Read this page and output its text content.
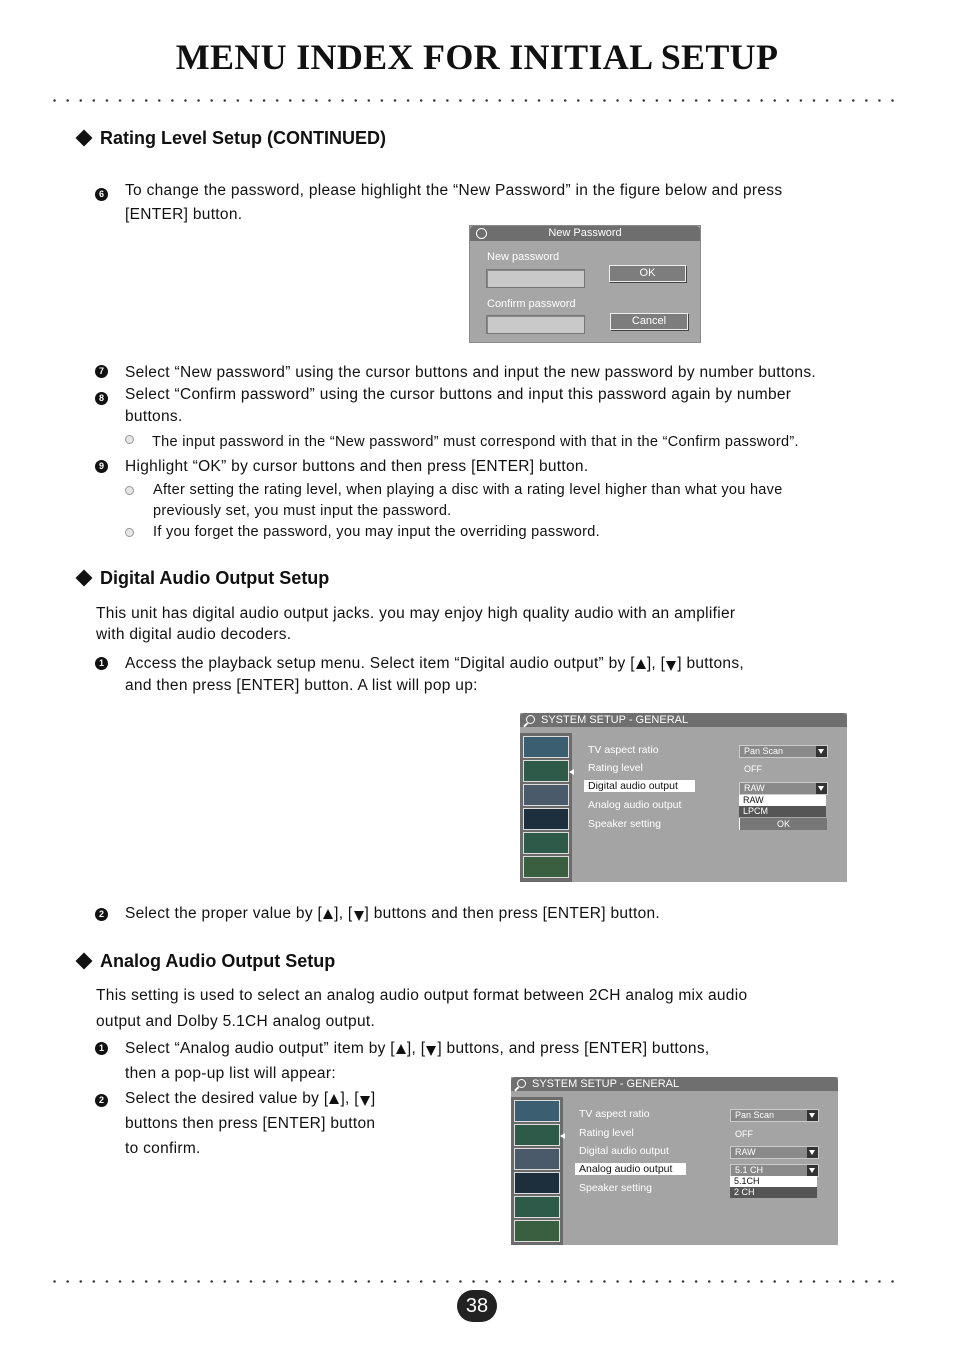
MENU INDEX FOR INITIAL SETUP
Rating Level Setup (CONTINUED)
6 To change the password, please highlight the “New Password” in the figure below and press
[ENTER] button.
New Password
New password
OK
Confirm password
Cancel
7 Select “New password” using the cursor buttons and input the new password by number buttons.
8 Select “Confirm password” using the cursor buttons and input this password again by number
buttons.
The input password in the “New password” must correspond with that in the “Confirm password”.
9 Highlight “OK” by cursor buttons and then press [ENTER] button.
After setting the rating level, when playing a disc with a rating level higher than what you have
previously set, you must input the password.
If you forget the password, you may input the overriding password.
Digital Audio Output Setup
This unit has digital audio output jacks. you may enjoy high quality audio with an amplifier
with digital audio decoders.
1 Access the playback setup menu. Select item “Digital audio output” by [ ], [ ] buttons,
and then press [ENTER] button. A list will pop up:
SYSTEM SETUP - GENERAL
TV aspect ratio
Rating level
Digital audio output
Analog audio output
Speaker setting
Pan Scan
OFF
RAW
RAW
LPCM
OK
2 Select the proper value by [ ], [ ] buttons and then press [ENTER] button.
Analog Audio Output Setup
This setting is used to select an analog audio output format between 2CH analog mix audio
output and Dolby 5.1CH analog output.
1 Select “Analog audio output” item by [ ], [ ] buttons, and press [ENTER] buttons,
then a pop-up list will appear:
2 Select the desired value by [ ], [ ]
buttons then press [ENTER] button
to confirm.
SYSTEM SETUP - GENERAL
TV aspect ratio
Rating level
Digital audio output
Analog audio output
Speaker setting
Pan Scan
OFF
RAW
5.1 CH
5.1CH
2 CH
38
